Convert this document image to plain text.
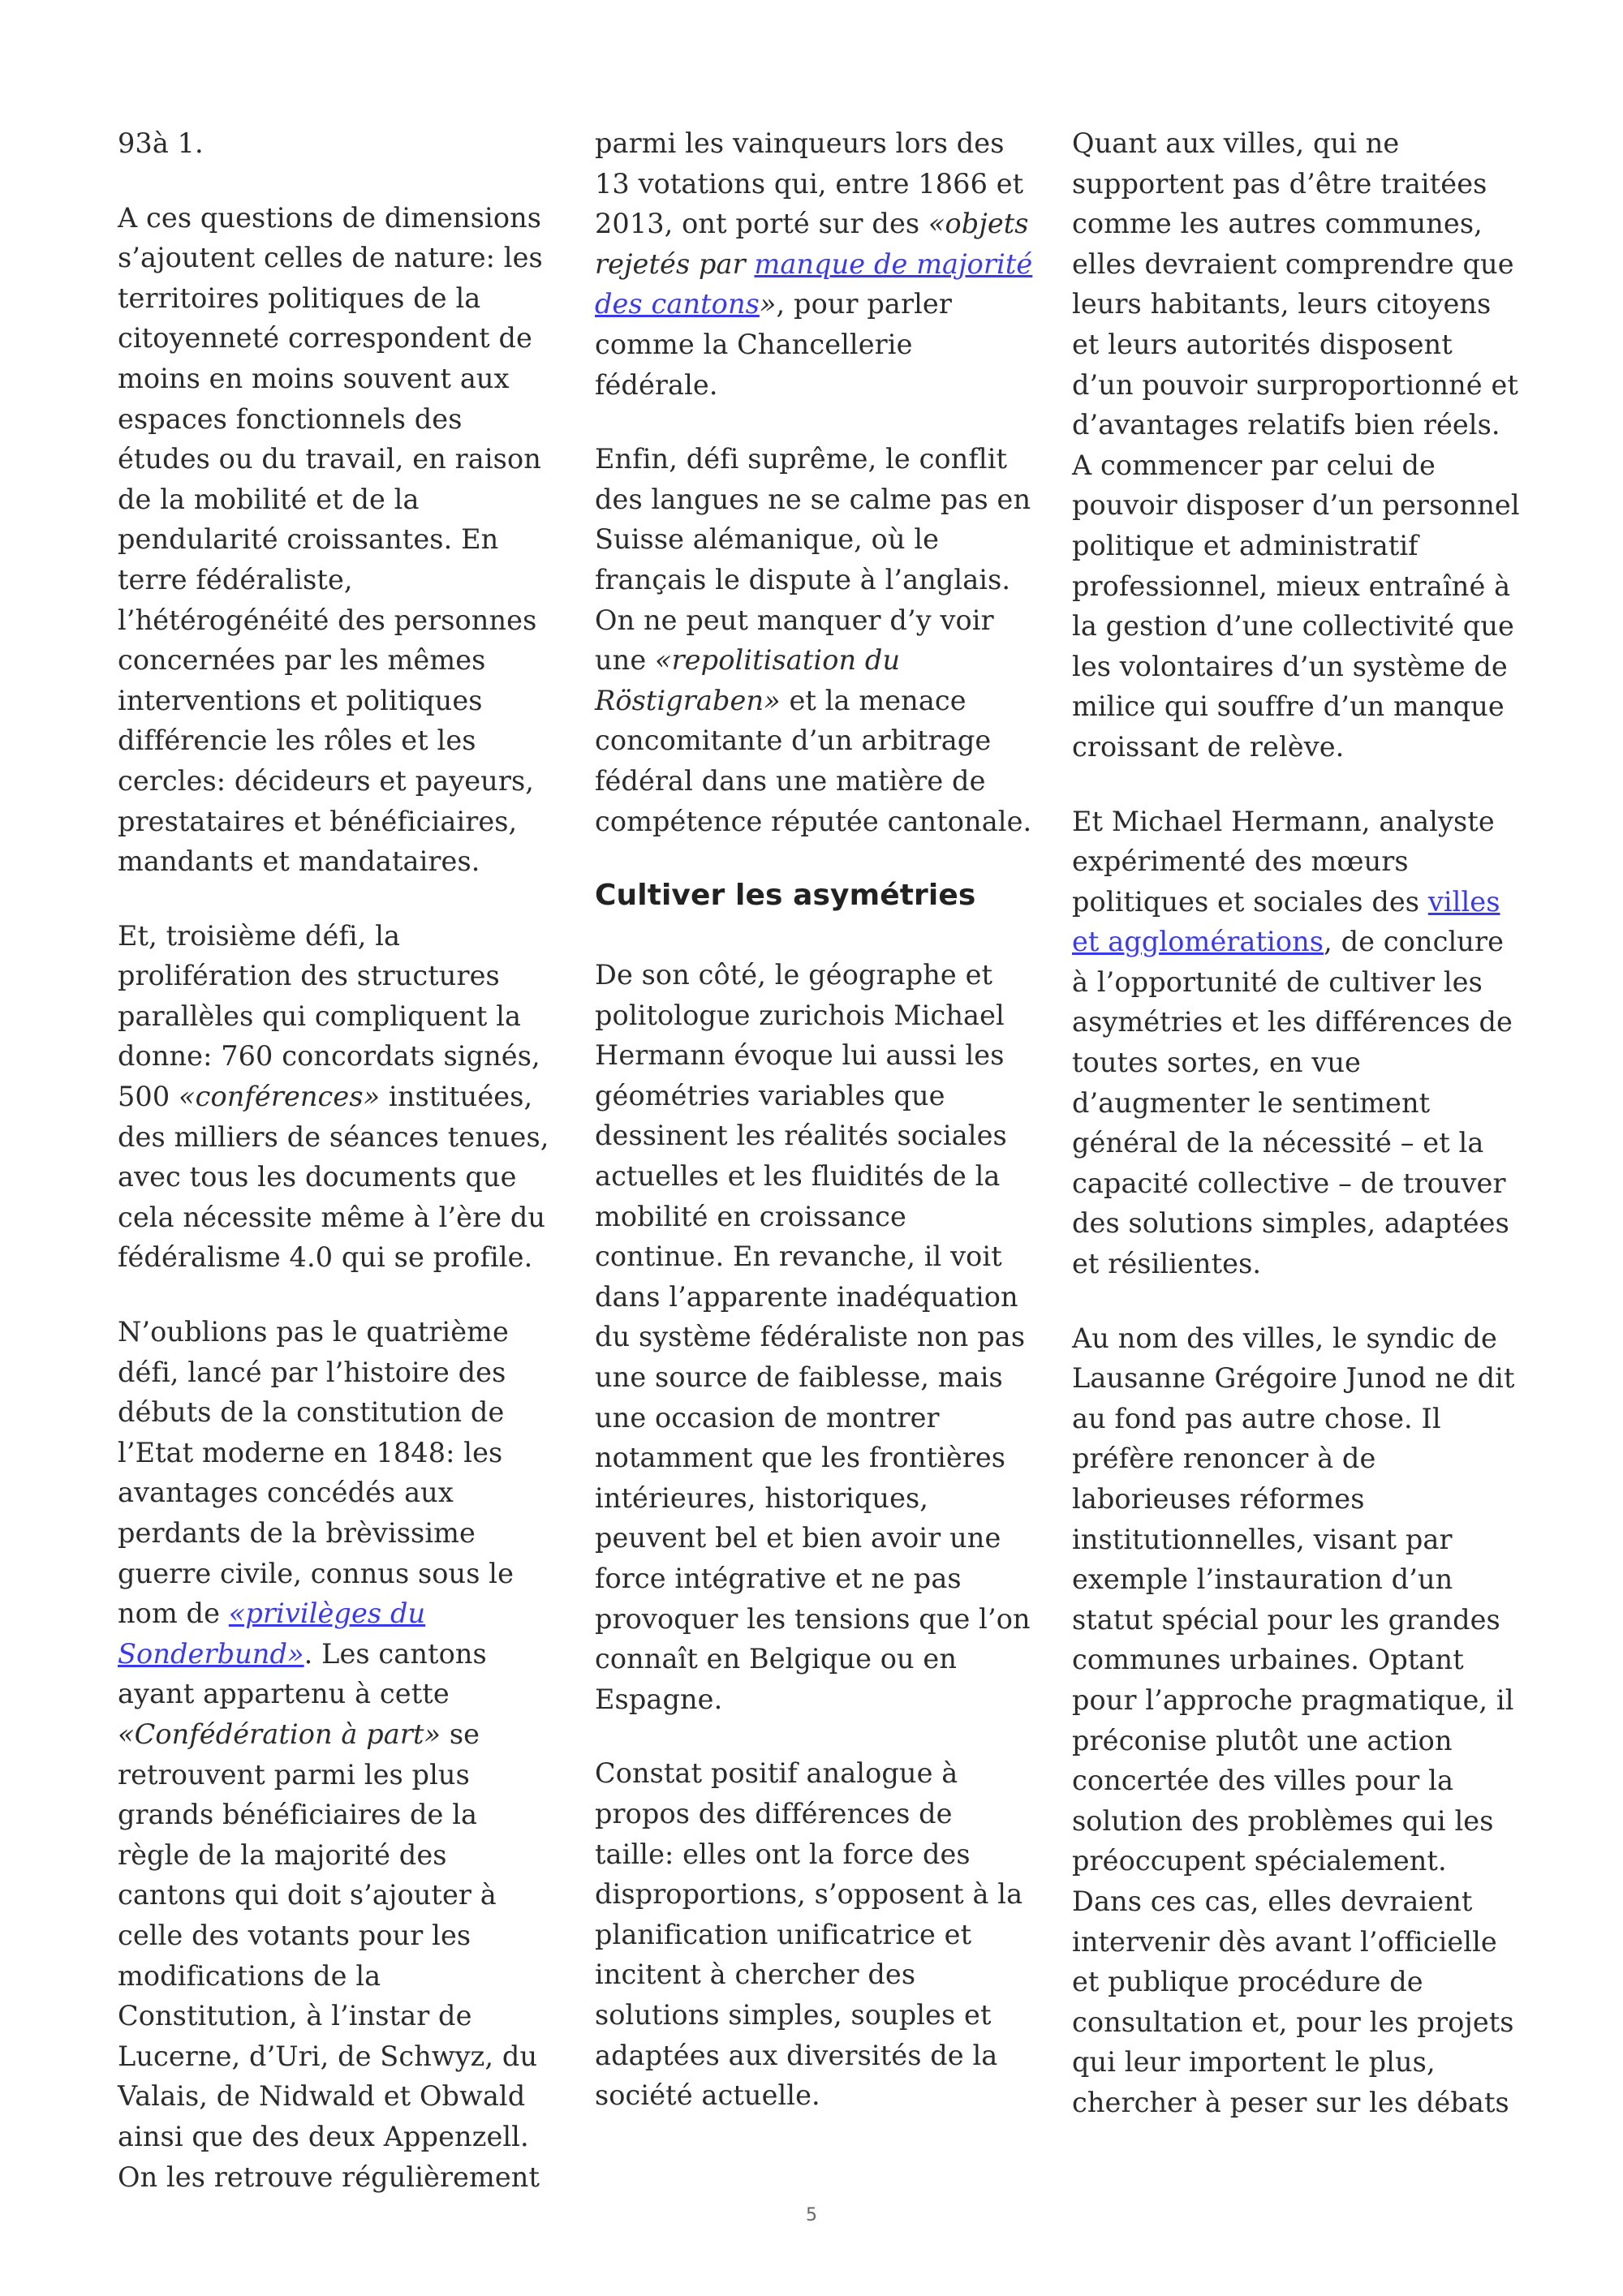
93à 1.

A ces questions de dimensions s’ajoutent celles de nature: les territoires politiques de la citoyenneté correspondent de moins en moins souvent aux espaces fonctionnels des études ou du travail, en raison de la mobilité et de la pendularité croissantes. En terre fédéraliste, l’hétérogénéité des personnes concernées par les mêmes interventions et politiques différencie les rôles et les cercles: décideurs et payeurs, prestataires et bénéficiaires, mandants et mandataires.

Et, troisième défi, la prolifération des structures parallèles qui compliquent la donne: 760 concordats signés, 500 «conférences» instituées, des milliers de séances tenues, avec tous les documents que cela nécessite même à l’ère du fédéralisme 4.0 qui se profile.

N’oublions pas le quatrième défi, lancé par l’histoire des débuts de la constitution de l’Etat moderne en 1848: les avantages concédés aux perdants de la brèvissime guerre civile, connus sous le nom de «privilèges du Sonderbund». Les cantons ayant appartenu à cette «Confédération à part» se retrouvent parmi les plus grands bénéficiaires de la règle de la majorité des cantons qui doit s’ajouter à celle des votants pour les modifications de la Constitution, à l’instar de Lucerne, d’Uri, de Schwyz, du Valais, de Nidwald et Obwald ainsi que des deux Appenzell. On les retrouve régulièrement

parmi les vainqueurs lors des 13 votations qui, entre 1866 et 2013, ont porté sur des «objets rejetés par manque de majorité des cantons», pour parler comme la Chancellerie fédérale.

Enfin, défi suprême, le conflit des langues ne se calme pas en Suisse alémanique, où le français le dispute à l’anglais. On ne peut manquer d’y voir une «repolitisation du Röstigraben» et la menace concomitante d’un arbitrage fédéral dans une matière de compétence réputée cantonale.

Cultiver les asymétries

De son côté, le géographe et politologue zurichois Michael Hermann évoque lui aussi les géométries variables que dessinent les réalités sociales actuelles et les fluidités de la mobilité en croissance continue. En revanche, il voit dans l’apparente inadéquation du système fédéraliste non pas une source de faiblesse, mais une occasion de montrer notamment que les frontières intérieures, historiques, peuvent bel et bien avoir une force intégrative et ne pas provoquer les tensions que l’on connaît en Belgique ou en Espagne.

Constat positif analogue à propos des différences de taille: elles ont la force des disproportions, s’opposent à la planification unificatrice et incitent à chercher des solutions simples, souples et adaptées aux diversités de la société actuelle.

Quant aux villes, qui ne supportent pas d’être traitées comme les autres communes, elles devraient comprendre que leurs habitants, leurs citoyens et leurs autorités disposent d’un pouvoir surproportionné et d’avantages relatifs bien réels. A commencer par celui de pouvoir disposer d’un personnel politique et administratif professionnel, mieux entraîné à la gestion d’une collectivité que les volontaires d’un système de milice qui souffre d’un manque croissant de relève.

Et Michael Hermann, analyste expérimenté des mœurs politiques et sociales des villes et agglomérations, de conclure à l’opportunité de cultiver les asymétries et les différences de toutes sortes, en vue d’augmenter le sentiment général de la nécessité – et la capacité collective – de trouver des solutions simples, adaptées et résilientes.

Au nom des villes, le syndic de Lausanne Grégoire Junod ne dit au fond pas autre chose. Il préfère renoncer à de laborieuses réformes institutionnelles, visant par exemple l’instauration d’un statut spécial pour les grandes communes urbaines. Optant pour l’approche pragmatique, il préconise plutôt une action concertée des villes pour la solution des problèmes qui les préoccupent spécialement. Dans ces cas, elles devraient intervenir dès avant l’officielle et publique procédure de consultation et, pour les projets qui leur importent le plus, chercher à peser sur les débats

5
